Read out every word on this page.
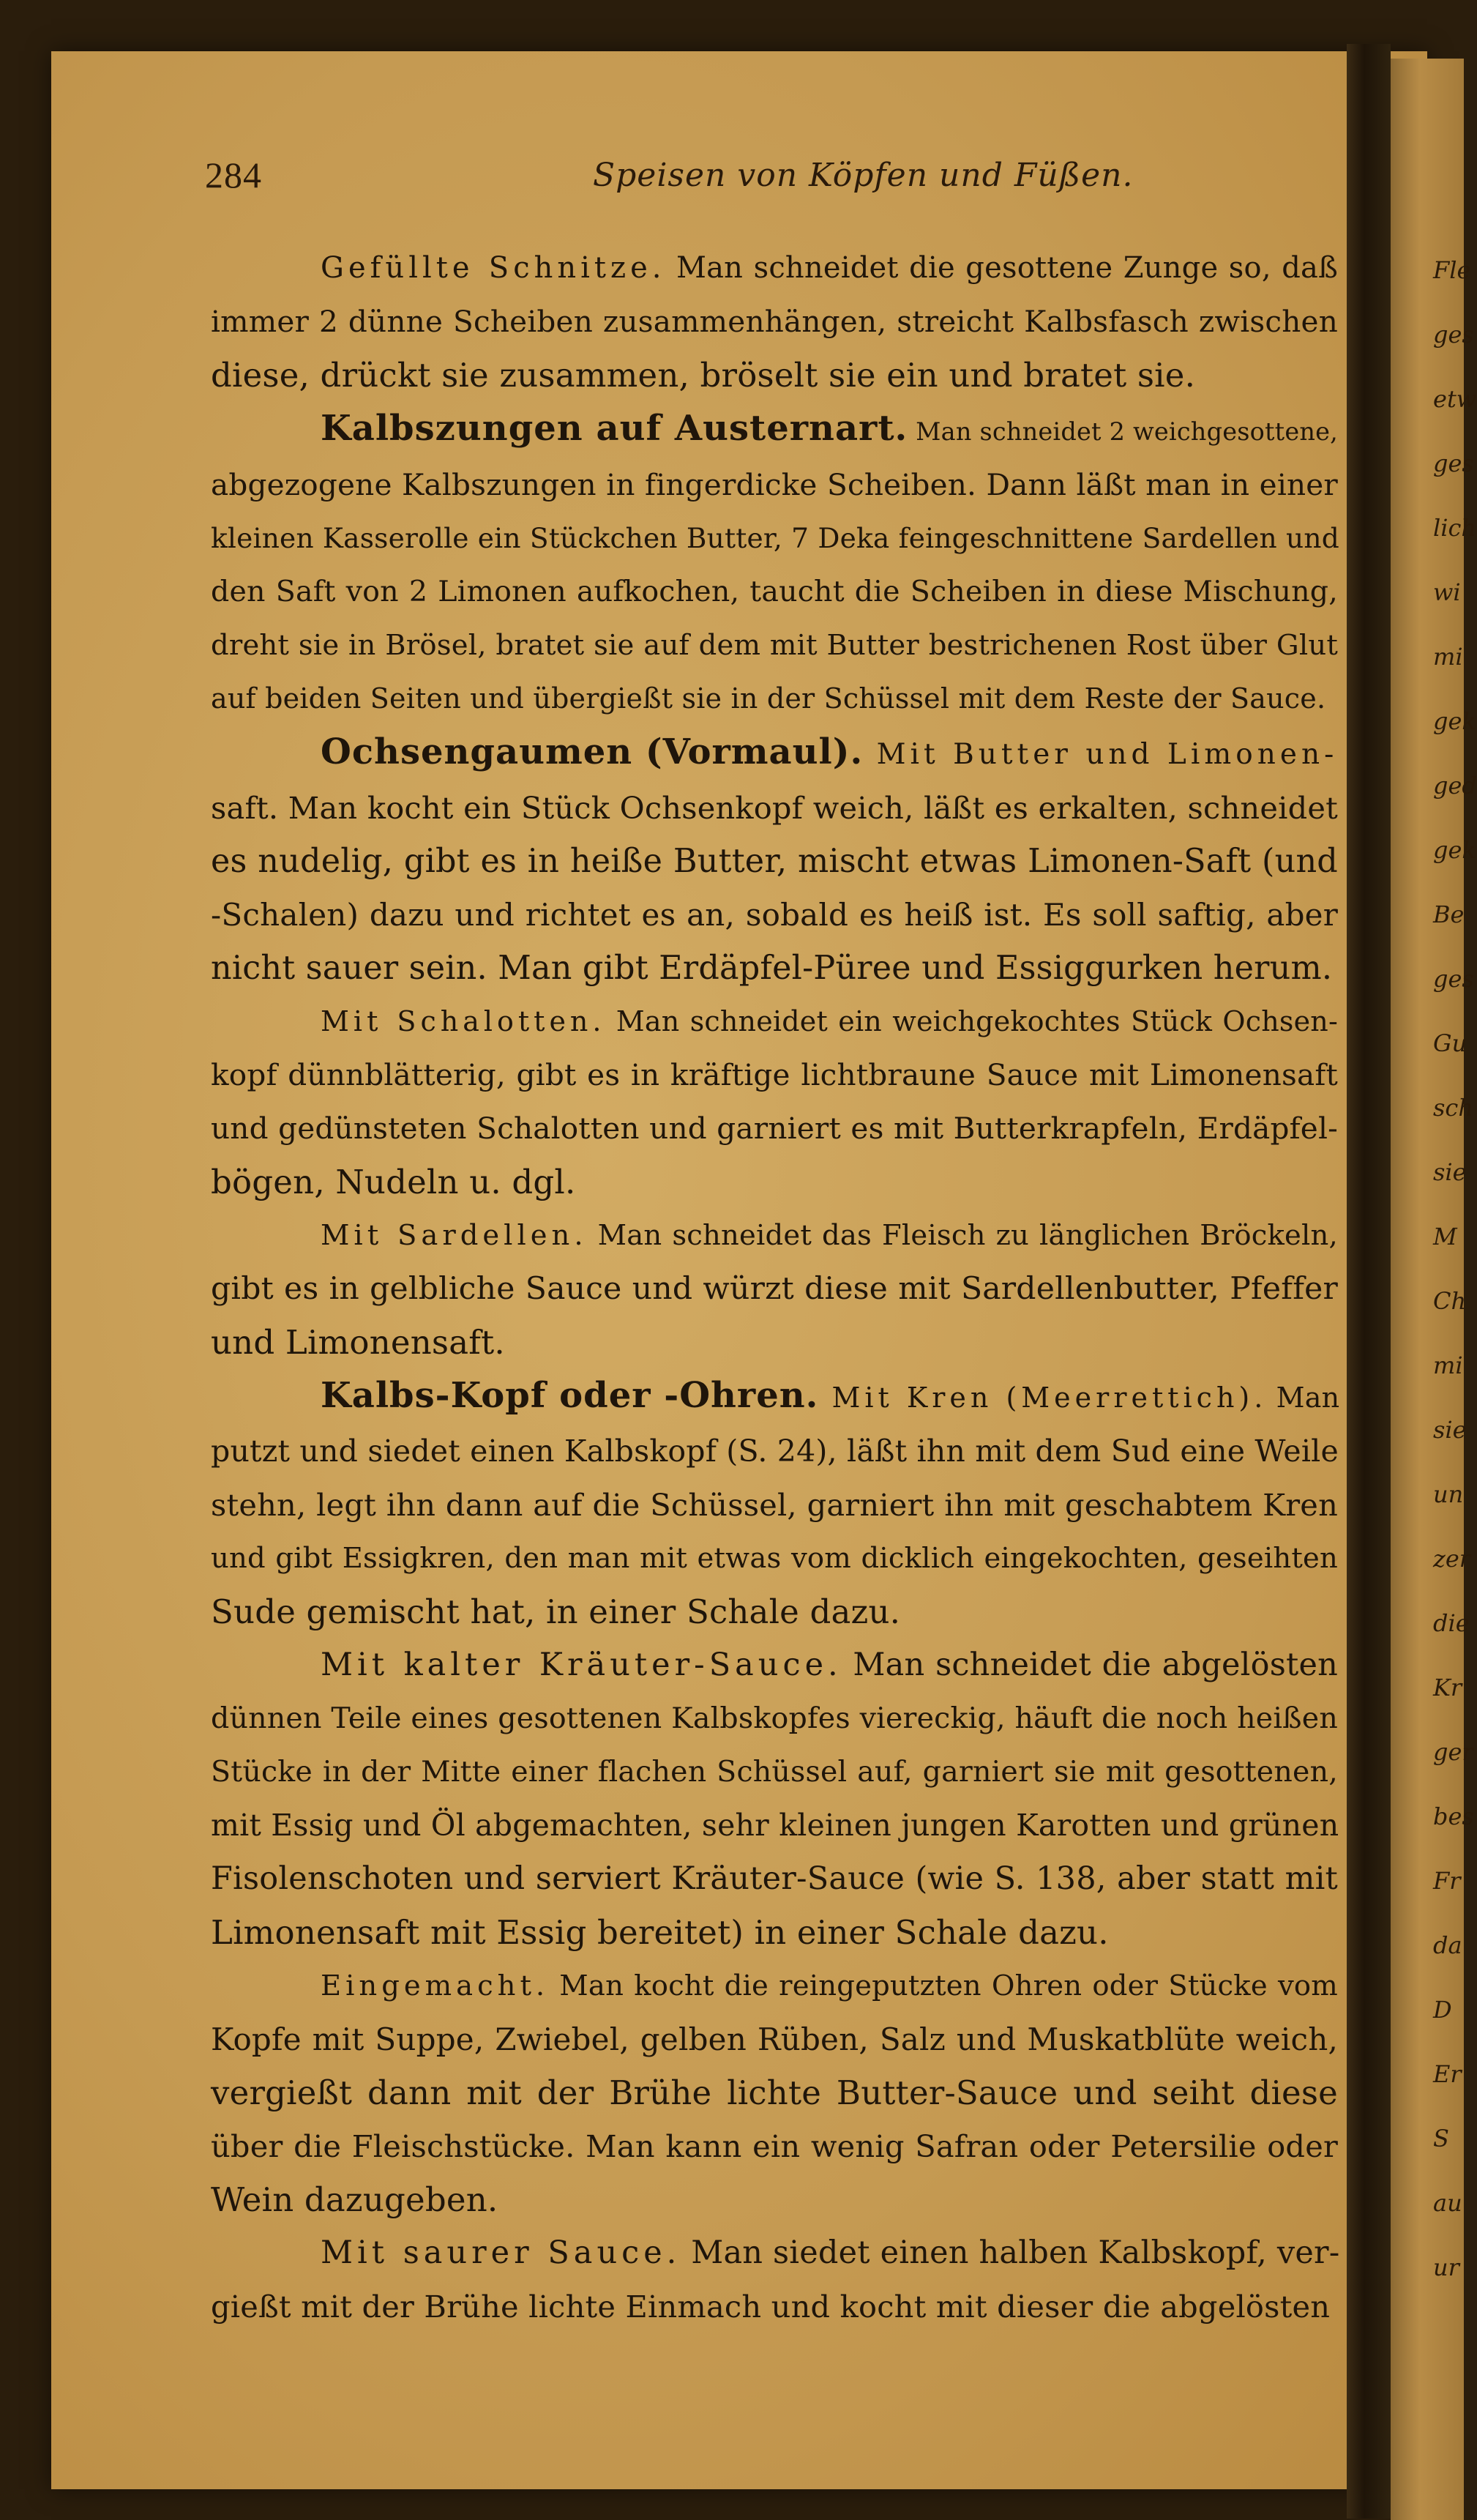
Fle
ges
etw
ges
lich
wi
mi
gek
ged
gek
Be
ges
Gu
sch
sie
M
Ch
mi
sie
un
zer
die
Kr
ger
bes
Fr
da
D
Er
S
au
ur
284	Speisen von Köpfen und Füßen.
Gefüllte Schnitze. Man schneidet die gesottene Zunge so, daß
immer 2 dünne Scheiben zusammenhängen, streicht Kalbsfasch zwischen
diese, drückt sie zusammen, bröselt sie ein und bratet sie.
Kalbszungen auf Austernart. Man schneidet 2 weichgesottene,
abgezogene Kalbszungen in fingerdicke Scheiben. Dann läßt man in einer
kleinen Kasserolle ein Stückchen Butter, 7 Deka feingeschnittene Sardellen und
den Saft von 2 Limonen aufkochen, taucht die Scheiben in diese Mischung,
dreht sie in Brösel, bratet sie auf dem mit Butter bestrichenen Rost über Glut
auf beiden Seiten und übergießt sie in der Schüssel mit dem Reste der Sauce.
Ochsengaumen (Vormaul). Mit Butter und Limonen-
saft. Man kocht ein Stück Ochsenkopf weich, läßt es erkalten, schneidet
es nudelig, gibt es in heiße Butter, mischt etwas Limonen-Saft (und
-Schalen) dazu und richtet es an, sobald es heiß ist. Es soll saftig, aber
nicht sauer sein. Man gibt Erdäpfel-Püree und Essiggurken herum.
Mit Schalotten. Man schneidet ein weichgekochtes Stück Ochsen-
kopf dünnblätterig, gibt es in kräftige lichtbraune Sauce mit Limonensaft
und gedünsteten Schalotten und garniert es mit Butterkrapfeln, Erdäpfel-
bögen, Nudeln u. dgl.
Mit Sardellen. Man schneidet das Fleisch zu länglichen Bröckeln,
gibt es in gelbliche Sauce und würzt diese mit Sardellenbutter, Pfeffer
und Limonensaft.
Kalbs-Kopf oder -Ohren. Mit Kren (Meerrettich). Man
putzt und siedet einen Kalbskopf (S. 24), läßt ihn mit dem Sud eine Weile
stehn, legt ihn dann auf die Schüssel, garniert ihn mit geschabtem Kren
und gibt Essigkren, den man mit etwas vom dicklich eingekochten, geseihten
Sude gemischt hat, in einer Schale dazu.
Mit kalter Kräuter-Sauce. Man schneidet die abgelösten
dünnen Teile eines gesottenen Kalbskopfes viereckig, häuft die noch heißen
Stücke in der Mitte einer flachen Schüssel auf, garniert sie mit gesottenen,
mit Essig und Öl abgemachten, sehr kleinen jungen Karotten und grünen
Fisolenschoten und serviert Kräuter-Sauce (wie S. 138, aber statt mit
Limonensaft mit Essig bereitet) in einer Schale dazu.
Eingemacht. Man kocht die reingeputzten Ohren oder Stücke vom
Kopfe mit Suppe, Zwiebel, gelben Rüben, Salz und Muskatblüte weich,
vergießt dann mit der Brühe lichte Butter-Sauce und seiht diese
über die Fleischstücke. Man kann ein wenig Safran oder Petersilie oder
Wein dazugeben.
Mit saurer Sauce. Man siedet einen halben Kalbskopf, ver-
gießt mit der Brühe lichte Einmach und kocht mit dieser die abgelösten
